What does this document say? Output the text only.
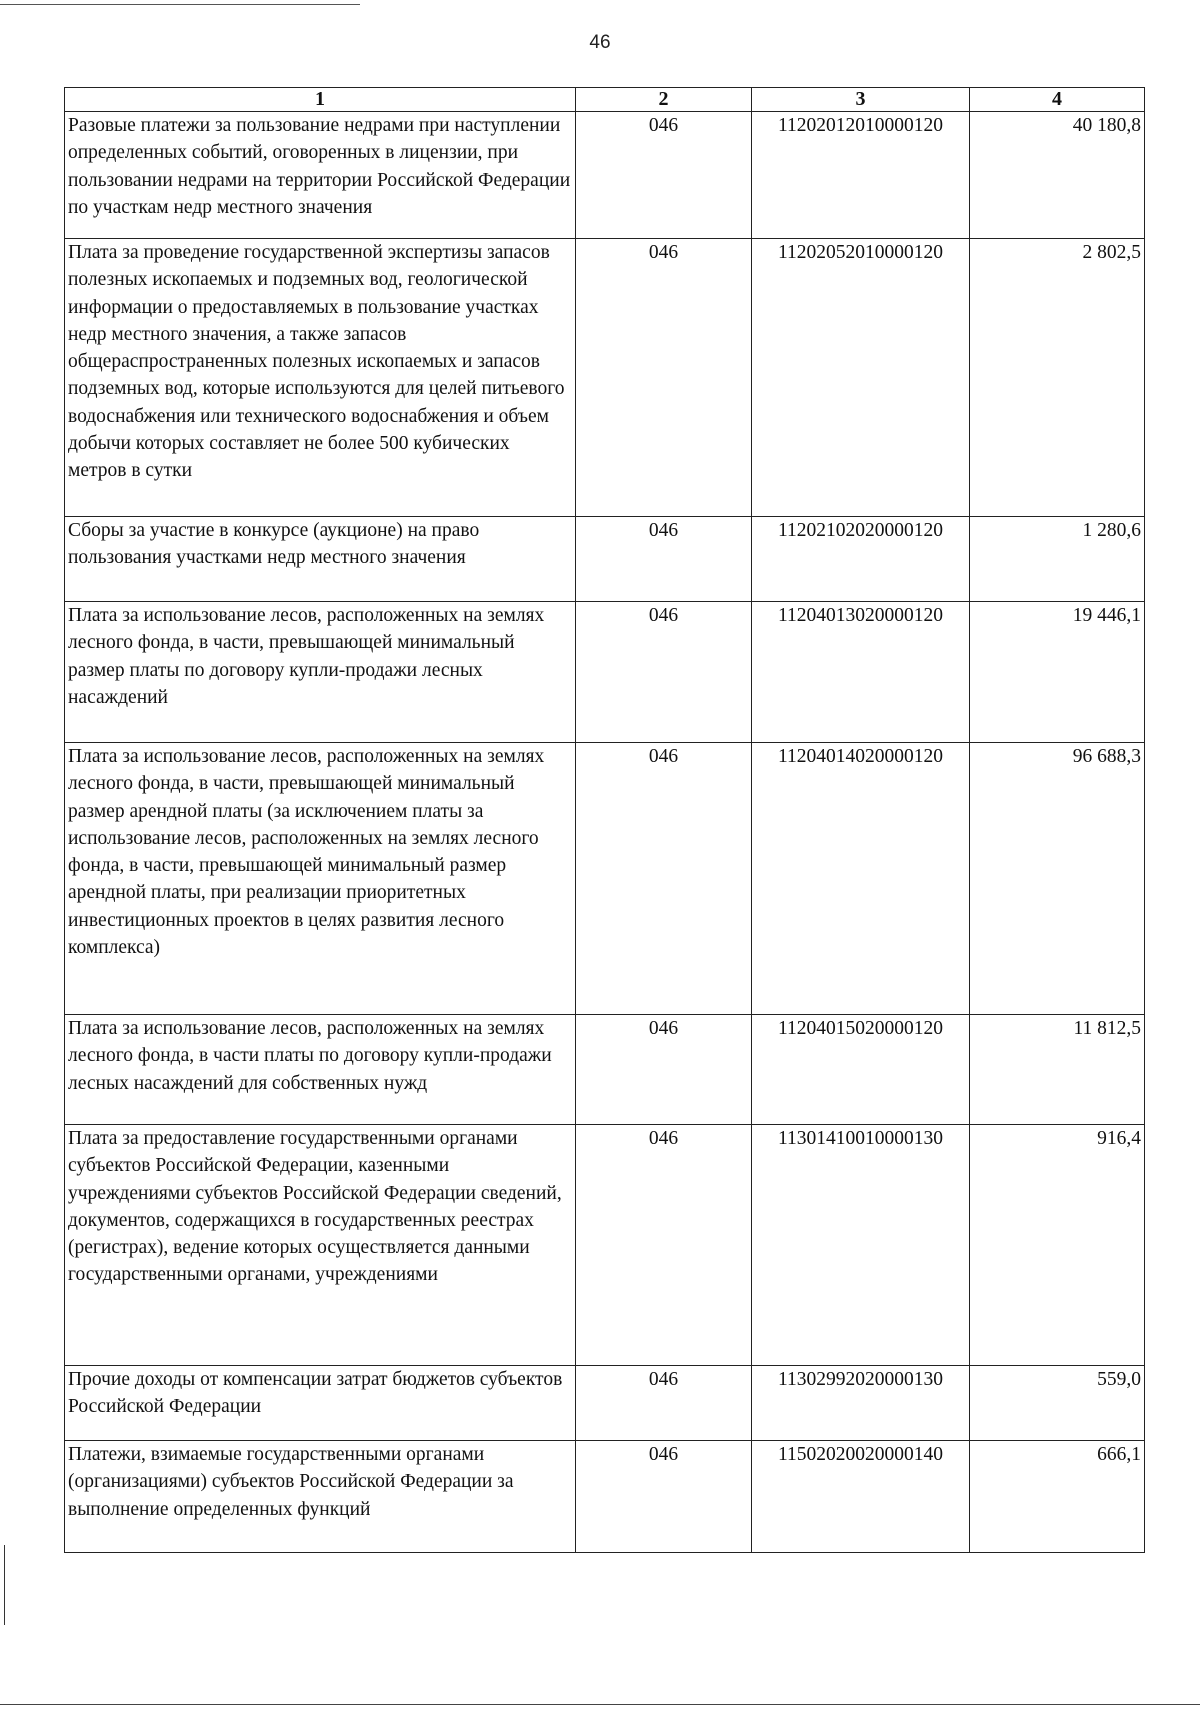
46
1	2	3	4
Разовые платежи за пользование недрами при наступлении определенных событий, оговоренных в лицензии, при пользовании недрами на территории Российской Федерации по участкам недр местного значения	046	11202012010000120	40 180,8
Плата за проведение государственной экспертизы запасов полезных ископаемых и подземных вод, геологической информации о предоставляемых в пользование участках недр местного значения, а также запасов общераспространенных полезных ископаемых и запасов подземных вод, которые используются для целей питьевого водоснабжения или технического водоснабжения и объем добычи которых составляет не более 500 кубических метров в сутки	046	11202052010000120	2 802,5
Сборы за участие в конкурсе (аукционе) на право пользования участками недр местного значения	046	11202102020000120	1 280,6
Плата за использование лесов, расположенных на землях лесного фонда, в части, превышающей минимальный размер платы по договору купли-продажи лесных насаждений	046	11204013020000120	19 446,1
Плата за использование лесов, расположенных на землях лесного фонда, в части, превышающей минимальный размер арендной платы (за исключением платы за использование лесов, расположенных на землях лесного фонда, в части, превышающей минимальный размер арендной платы, при реализации приоритетных инвестиционных проектов в целях развития лесного комплекса)	046	11204014020000120	96 688,3
Плата за использование лесов, расположенных на землях лесного фонда, в части платы по договору купли-продажи лесных насаждений для собственных нужд	046	11204015020000120	11 812,5
Плата за предоставление государственными органами субъектов Российской Федерации, казенными учреждениями субъектов Российской Федерации сведений, документов, содержащихся в государственных реестрах (регистрах), ведение которых осуществляется данными государственными органами, учреждениями	046	11301410010000130	916,4
Прочие доходы от компенсации затрат бюджетов субъектов Российской Федерации	046	11302992020000130	559,0
Платежи, взимаемые государственными органами (организациями) субъектов Российской Федерации за выполнение определенных функций	046	11502020020000140	666,1
